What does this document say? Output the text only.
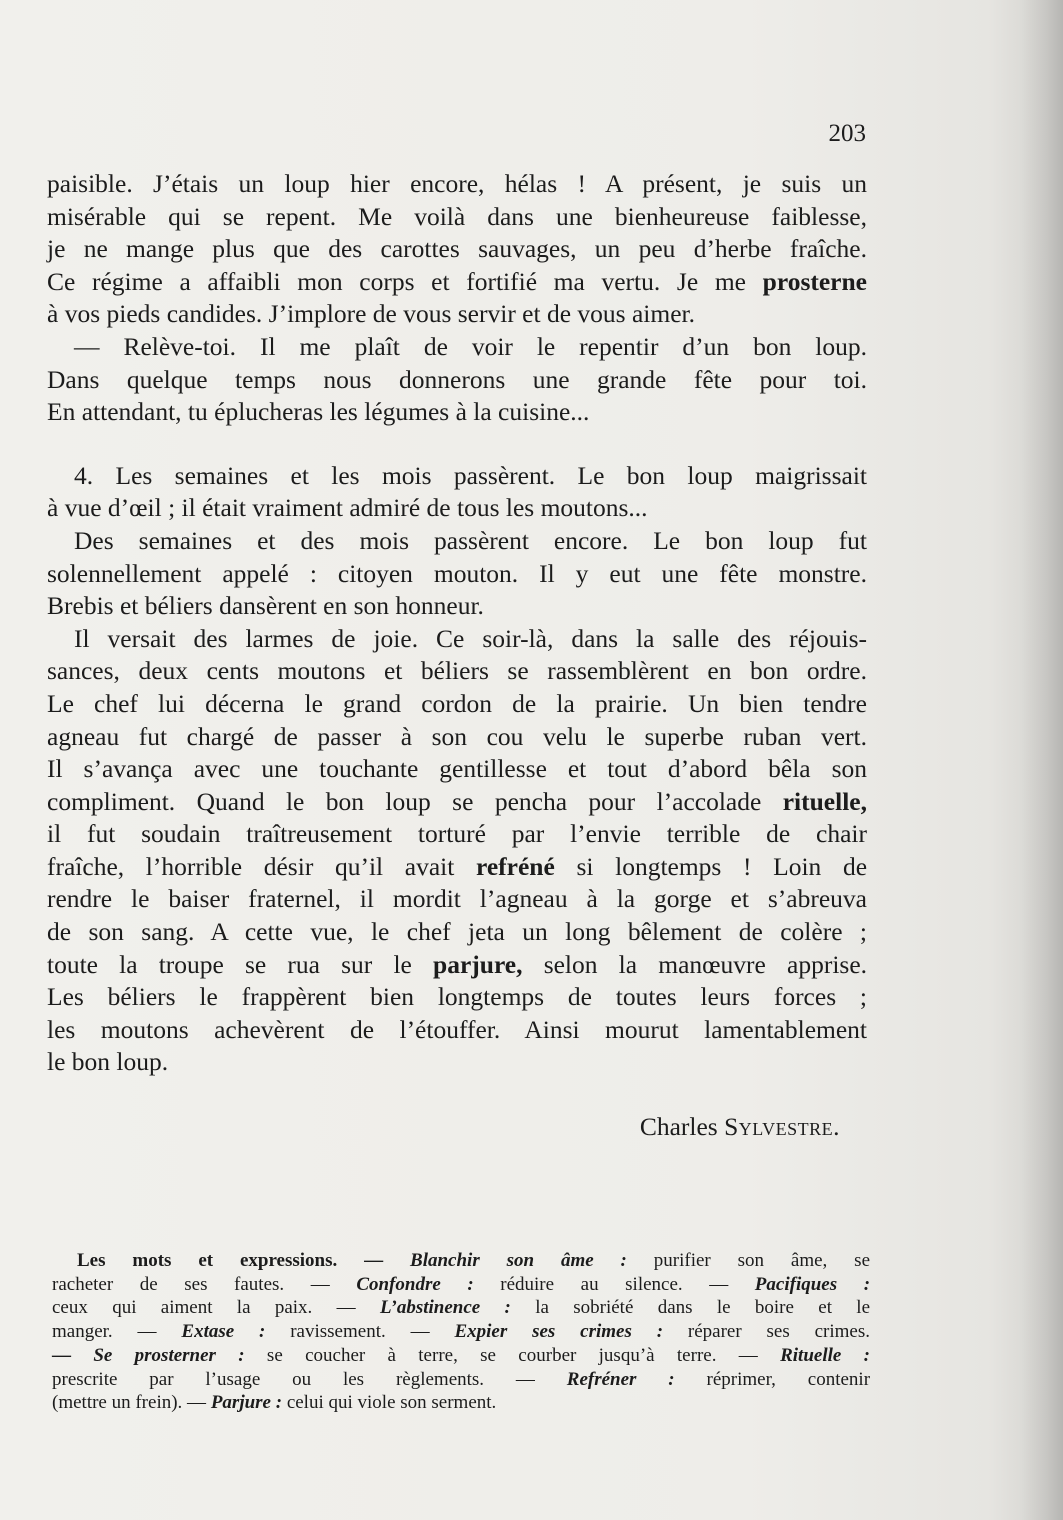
203
paisible. J’étais un loup hier encore, hélas ! A présent, je suis un
misérable qui se repent. Me voilà dans une bienheureuse faiblesse,
je ne mange plus que des carottes sauvages, un peu d’herbe fraîche.
Ce régime a affaibli mon corps et fortifié ma vertu. Je me prosterne
à vos pieds candides. J’implore de vous servir et de vous aimer.
— Relève-toi. Il me plaît de voir le repentir d’un bon loup.
Dans quelque temps nous donnerons une grande fête pour toi.
En attendant, tu éplucheras les légumes à la cuisine...
4. Les semaines et les mois passèrent. Le bon loup maigrissait
à vue d’œil ; il était vraiment admiré de tous les moutons...
Des semaines et des mois passèrent encore. Le bon loup fut
solennellement appelé : citoyen mouton. Il y eut une fête monstre.
Brebis et béliers dansèrent en son honneur.
Il versait des larmes de joie. Ce soir-là, dans la salle des réjouis-
sances, deux cents moutons et béliers se rassemblèrent en bon ordre.
Le chef lui décerna le grand cordon de la prairie. Un bien tendre
agneau fut chargé de passer à son cou velu le superbe ruban vert.
Il s’avança avec une touchante gentillesse et tout d’abord bêla son
compliment. Quand le bon loup se pencha pour l’accolade rituelle,
il fut soudain traîtreusement torturé par l’envie terrible de chair
fraîche, l’horrible désir qu’il avait refréné si longtemps ! Loin de
rendre le baiser fraternel, il mordit l’agneau à la gorge et s’abreuva
de son sang. A cette vue, le chef jeta un long bêlement de colère ;
toute la troupe se rua sur le parjure, selon la manœuvre apprise.
Les béliers le frappèrent bien longtemps de toutes leurs forces ;
les moutons achevèrent de l’étouffer. Ainsi mourut lamentablement
le bon loup.
Charles Sylvestre.
Les mots et expressions. — Blanchir son âme : purifier son âme, se
racheter de ses fautes. — Confondre : réduire au silence. — Pacifiques :
ceux qui aiment la paix. — L’abstinence : la sobriété dans le boire et le
manger. — Extase : ravissement. — Expier ses crimes : réparer ses crimes.
— Se prosterner : se coucher à terre, se courber jusqu’à terre. — Rituelle :
prescrite par l’usage ou les règlements. — Refréner : réprimer, contenir
(mettre un frein). — Parjure : celui qui viole son serment.
